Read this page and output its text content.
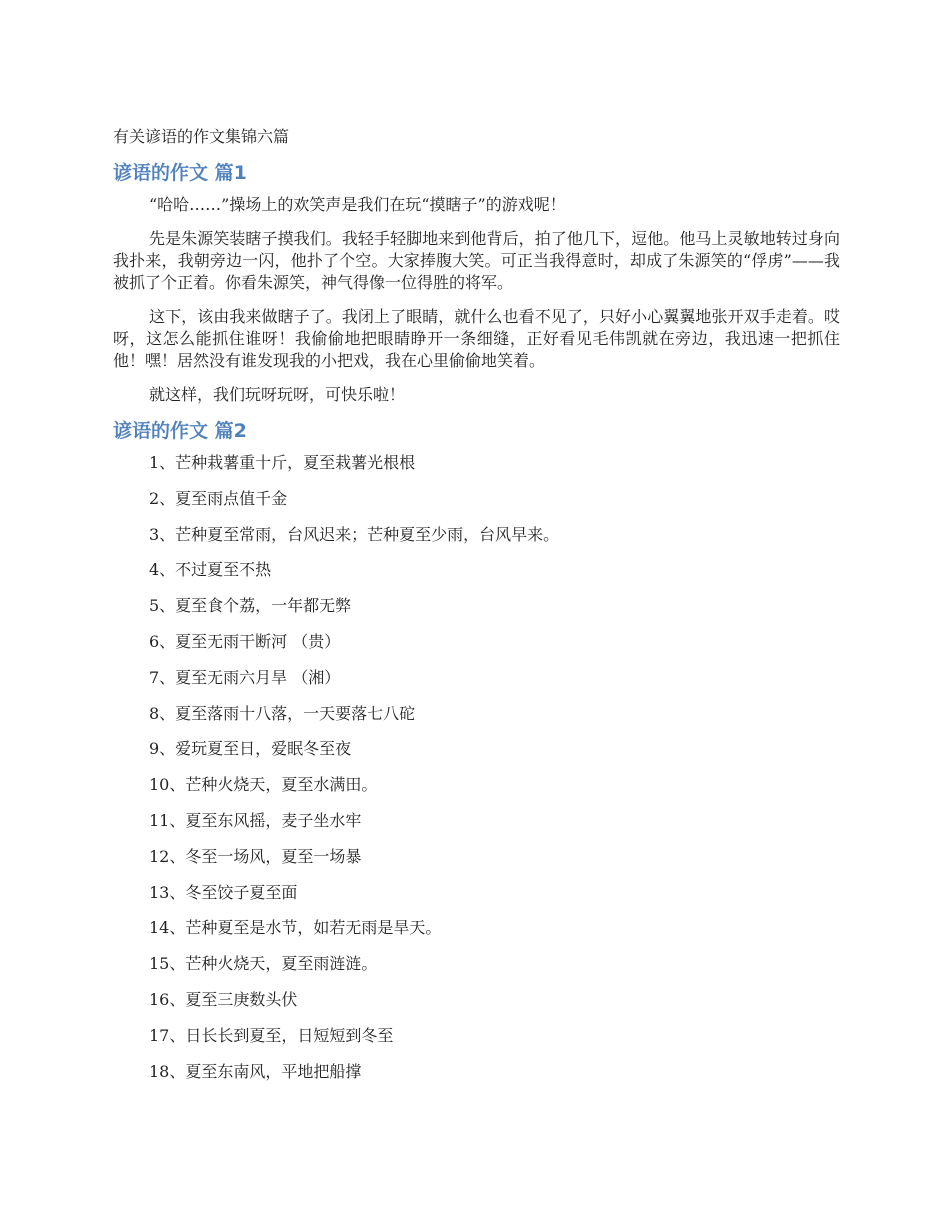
有关谚语的作文集锦六篇
谚语的作文 篇1

“哈哈……”操场上的欢笑声是我们在玩“摸瞎子”的游戏呢！

先是朱源笑装瞎子摸我们。我轻手轻脚地来到他背后，拍了他几下，逗他。他马上灵敏地转过身向我扑来，我朝旁边一闪，他扑了个空。大家捧腹大笑。可正当我得意时，却成了朱源笑的“俘虏”——我被抓了个正着。你看朱源笑，神气得像一位得胜的将军。

这下，该由我来做瞎子了。我闭上了眼睛，就什么也看不见了，只好小心翼翼地张开双手走着。哎呀，这怎么能抓住谁呀！我偷偷地把眼睛睁开一条细缝，正好看见毛伟凯就在旁边，我迅速一把抓住他！嘿！居然没有谁发现我的小把戏，我在心里偷偷地笑着。

就这样，我们玩呀玩呀，可快乐啦！

谚语的作文 篇2
1、芒种栽薯重十斤，夏至栽薯光根根
2、夏至雨点值千金
3、芒种夏至常雨，台风迟来；芒种夏至少雨，台风早来。
4、不过夏至不热
5、夏至食个荔，一年都无弊
6、夏至无雨干断河 （贵）
7、夏至无雨六月旱 （湘）
8、夏至落雨十八落，一天要落七八砣
9、爱玩夏至日，爱眠冬至夜
10、芒种火烧天，夏至水满田。
11、夏至东风摇，麦子坐水牢
12、冬至一场风，夏至一场暴
13、冬至饺子夏至面
14、芒种夏至是水节，如若无雨是旱天。
15、芒种火烧天，夏至雨涟涟。
16、夏至三庚数头伏
17、日长长到夏至，日短短到冬至
18、夏至东南风，平地把船撑
